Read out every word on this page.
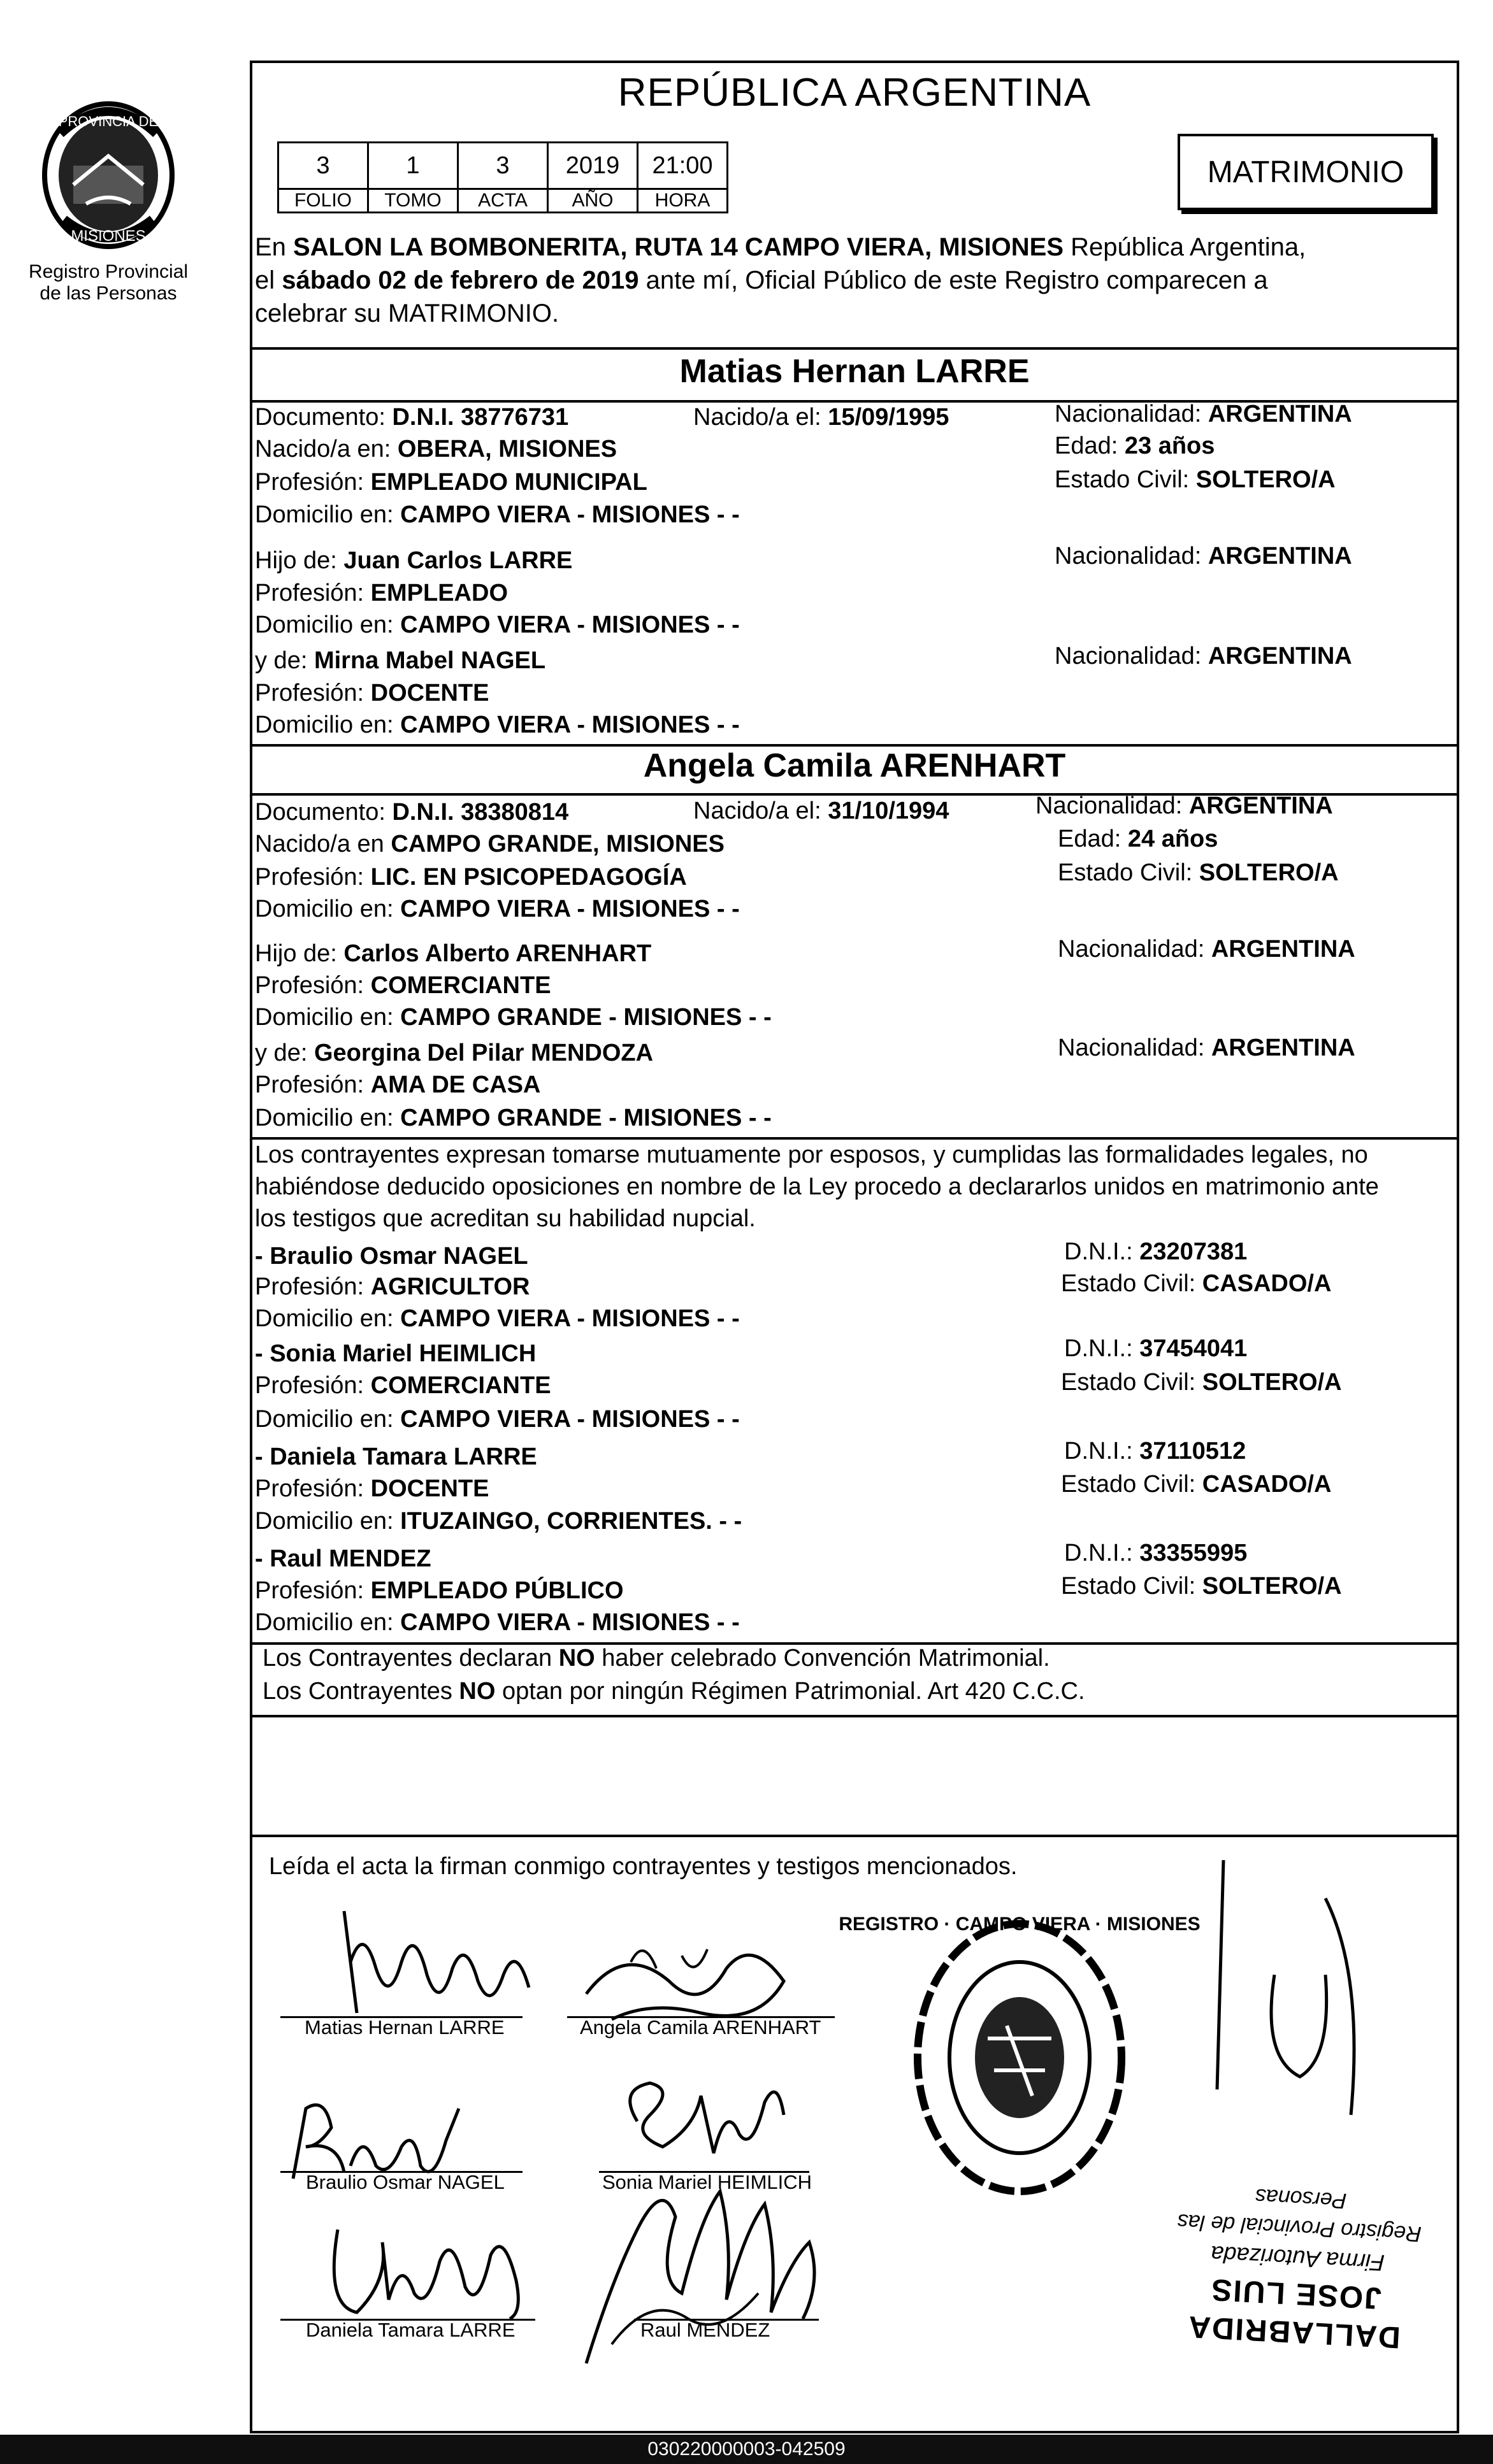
PROVINCIA DE
MISIONES
Registro Provincial
de las Personas
REPÚBLICA ARGENTINA
3	1	3	2019	21:00
FOLIO	TOMO	ACTA	AÑO	HORA
MATRIMONIO
En SALON LA BOMBONERITA, RUTA 14 CAMPO VIERA, MISIONES República Argentina,
el sábado 02 de febrero de 2019 ante mí, Oficial Público de este Registro comparecen a
celebrar su MATRIMONIO.
Matias Hernan LARRE
Documento: D.N.I. 38776731	Nacido/a el: 15/09/1995	Nacionalidad: ARGENTINA
Nacido/a en: OBERA, MISIONES	Edad: 23 años
Profesión: EMPLEADO MUNICIPAL	Estado Civil: SOLTERO/A
Domicilio en: CAMPO VIERA - MISIONES - -
Hijo de: Juan Carlos LARRE	Nacionalidad: ARGENTINA
Profesión: EMPLEADO
Domicilio en: CAMPO VIERA - MISIONES - -
y de: Mirna Mabel NAGEL	Nacionalidad: ARGENTINA
Profesión: DOCENTE
Domicilio en: CAMPO VIERA - MISIONES - -
Angela Camila ARENHART
Documento: D.N.I. 38380814	Nacido/a el: 31/10/1994	Nacionalidad: ARGENTINA
Nacido/a en CAMPO GRANDE, MISIONES	Edad: 24 años
Profesión: LIC. EN PSICOPEDAGOGÍA	Estado Civil: SOLTERO/A
Domicilio en: CAMPO VIERA - MISIONES - -
Hijo de: Carlos Alberto ARENHART	Nacionalidad: ARGENTINA
Profesión: COMERCIANTE
Domicilio en: CAMPO GRANDE - MISIONES - -
y de: Georgina Del Pilar MENDOZA	Nacionalidad: ARGENTINA
Profesión: AMA DE CASA
Domicilio en: CAMPO GRANDE - MISIONES - -
Los contrayentes expresan tomarse mutuamente por esposos, y cumplidas las formalidades legales, no
habiéndose deducido oposiciones en nombre de la Ley procedo a declararlos unidos en matrimonio ante
los testigos que acreditan su habilidad nupcial.
- Braulio Osmar NAGEL	D.N.I.: 23207381
Profesión: AGRICULTOR	Estado Civil: CASADO/A
Domicilio en: CAMPO VIERA - MISIONES - -
- Sonia Mariel HEIMLICH	D.N.I.: 37454041
Profesión: COMERCIANTE	Estado Civil: SOLTERO/A
Domicilio en: CAMPO VIERA - MISIONES - -
- Daniela Tamara LARRE	D.N.I.: 37110512
Profesión: DOCENTE	Estado Civil: CASADO/A
Domicilio en: ITUZAINGO, CORRIENTES. - -
- Raul MENDEZ	D.N.I.: 33355995
Profesión: EMPLEADO PÚBLICO	Estado Civil: SOLTERO/A
Domicilio en: CAMPO VIERA - MISIONES - -
Los Contrayentes declaran NO haber celebrado Convención Matrimonial.
Los Contrayentes NO optan por ningún Régimen Patrimonial. Art 420 C.C.C.
Leída el acta la firman conmigo contrayentes y testigos mencionados.
Matias Hernan LARRE	Angela Camila ARENHART
Braulio Osmar NAGEL	Sonia Mariel HEIMLICH
Daniela Tamara LARRE	Raul MENDEZ
REGISTRO · CAMPO VIERA · MISIONES
DALLABRIDA JOSE LUIS
Firma Autorizada
Registro Provincial de las Personas
030220000003-042509
